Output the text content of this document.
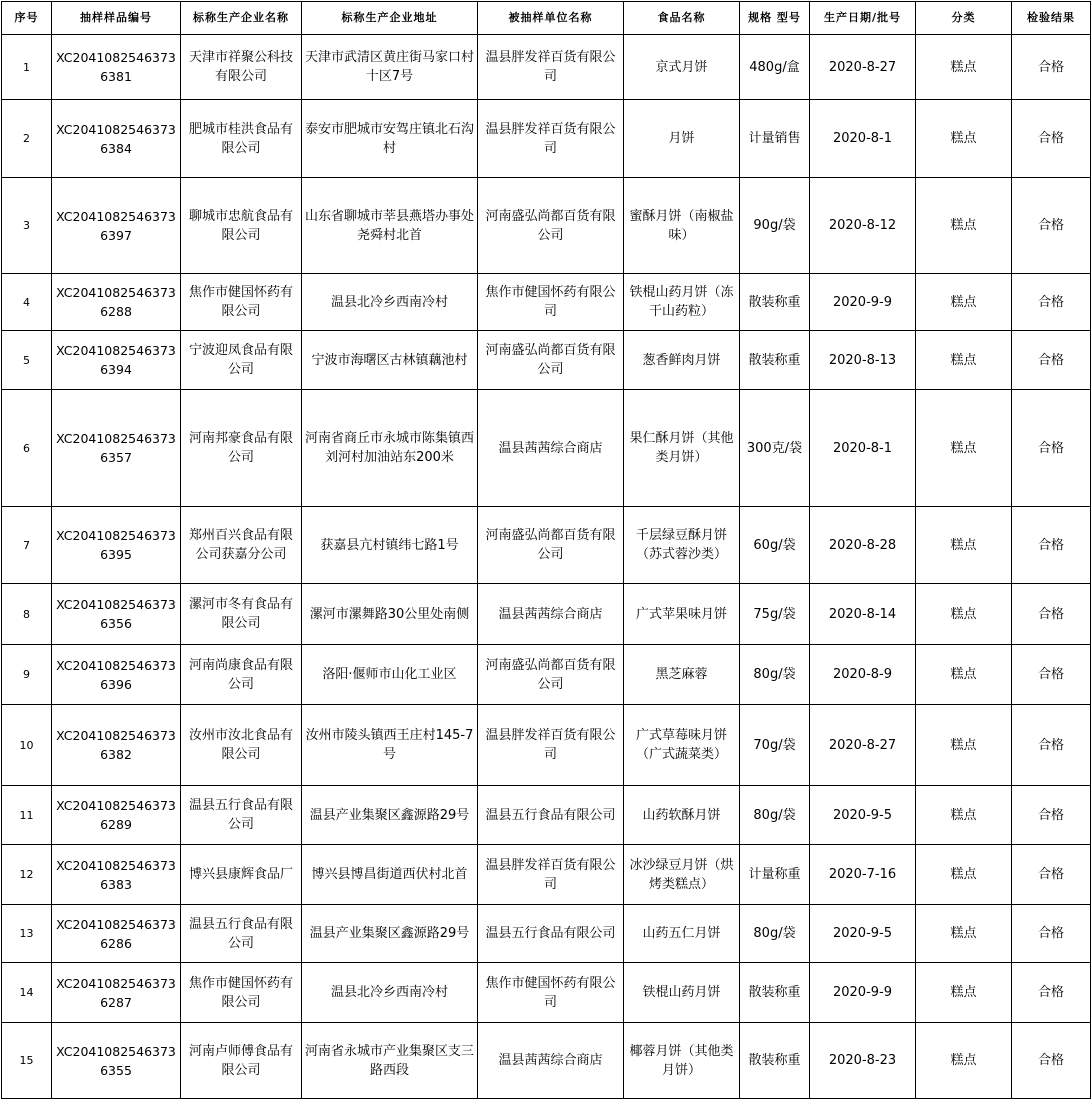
序号	抽样样品编号	标称生产企业名称	标称生产企业地址	被抽样单位名称	食品名称	规格 型号	生产日期/批号	分类	检验结果
1	XC20410825463736381	天津市祥聚公科技有限公司	天津市武清区黄庄街马家口村十区7号	温县胖发祥百货有限公司	京式月饼	480g/盒	2020-8-27	糕点	合格
2	XC20410825463736384	肥城市桂洪食品有限公司	泰安市肥城市安驾庄镇北石沟村	温县胖发祥百货有限公司	月饼	计量销售	2020-8-1	糕点	合格
3	XC20410825463736397	聊城市忠航食品有限公司	山东省聊城市莘县燕塔办事处尧舜村北首	河南盛弘尚都百货有限公司	蜜酥月饼（南椒盐味）	90g/袋	2020-8-12	糕点	合格
4	XC20410825463736288	焦作市健国怀药有限公司	温县北冷乡西南冷村	焦作市健国怀药有限公司	铁棍山药月饼（冻干山药粒）	散装称重	2020-9-9	糕点	合格
5	XC20410825463736394	宁波迎凤食品有限公司	宁波市海曙区古林镇藕池村	河南盛弘尚都百货有限公司	葱香鲜肉月饼	散装称重	2020-8-13	糕点	合格
6	XC20410825463736357	河南邦豪食品有限公司	河南省商丘市永城市陈集镇西刘河村加油站东200米	温县茜茜综合商店	果仁酥月饼（其他类月饼）	300克/袋	2020-8-1	糕点	合格
7	XC20410825463736395	郑州百兴食品有限公司获嘉分公司	获嘉县亢村镇纬七路1号	河南盛弘尚都百货有限公司	千层绿豆酥月饼（苏式蓉沙类）	60g/袋	2020-8-28	糕点	合格
8	XC20410825463736356	漯河市冬有食品有限公司	漯河市漯舞路30公里处南侧	温县茜茜综合商店	广式苹果味月饼	75g/袋	2020-8-14	糕点	合格
9	XC20410825463736396	河南尚康食品有限公司	洛阳·偃师市山化工业区	河南盛弘尚都百货有限公司	黑芝麻蓉	80g/袋	2020-8-9	糕点	合格
10	XC20410825463736382	汝州市汝北食品有限公司	汝州市陵头镇西王庄村145-7号	温县胖发祥百货有限公司	广式草莓味月饼（广式蔬菜类）	70g/袋	2020-8-27	糕点	合格
11	XC20410825463736289	温县五行食品有限公司	温县产业集聚区鑫源路29号	温县五行食品有限公司	山药软酥月饼	80g/袋	2020-9-5	糕点	合格
12	XC20410825463736383	博兴县康辉食品厂	博兴县博昌街道西伏村北首	温县胖发祥百货有限公司	冰沙绿豆月饼（烘烤类糕点）	计量称重	2020-7-16	糕点	合格
13	XC20410825463736286	温县五行食品有限公司	温县产业集聚区鑫源路29号	温县五行食品有限公司	山药五仁月饼	80g/袋	2020-9-5	糕点	合格
14	XC20410825463736287	焦作市健国怀药有限公司	温县北冷乡西南冷村	焦作市健国怀药有限公司	铁棍山药月饼	散装称重	2020-9-9	糕点	合格
15	XC20410825463736355	河南卢师傅食品有限公司	河南省永城市产业集聚区支三路西段	温县茜茜综合商店	椰蓉月饼（其他类月饼）	散装称重	2020-8-23	糕点	合格
